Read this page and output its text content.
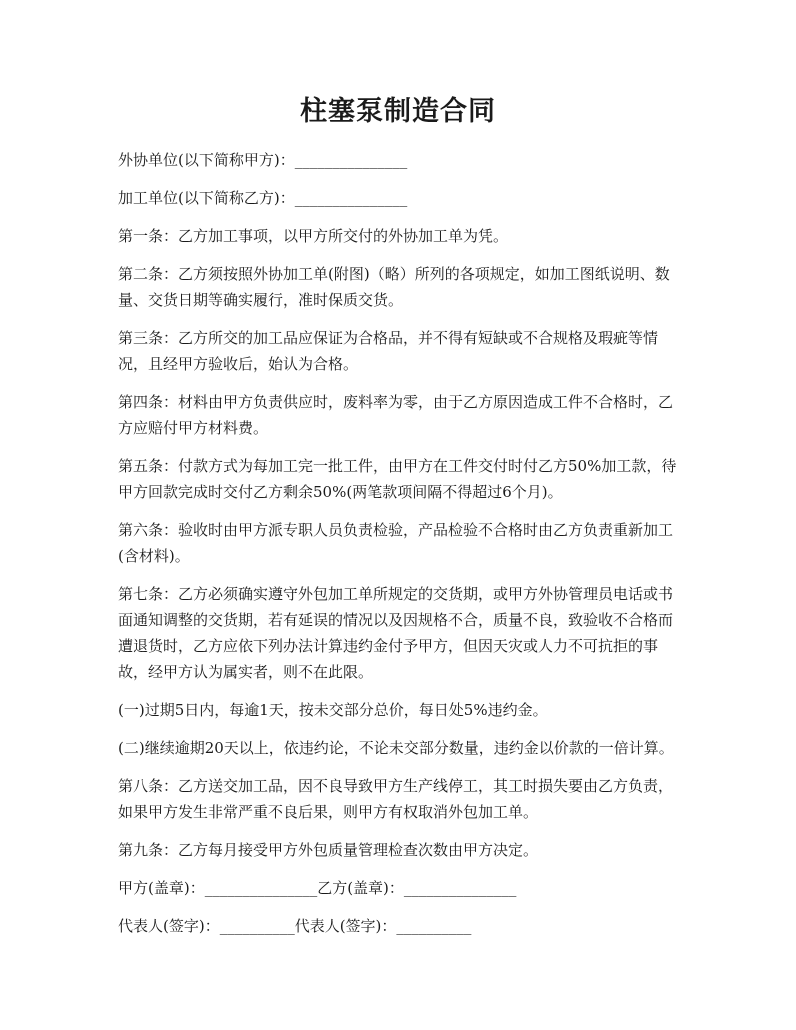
柱塞泵制造合同

外协单位(以下简称甲方)：_______________

加工单位(以下简称乙方)：_______________

第一条：乙方加工事项，以甲方所交付的外协加工单为凭。

第二条：乙方须按照外协加工单(附图)（略）所列的各项规定，如加工图纸说明、数量、交货日期等确实履行，准时保质交货。

第三条：乙方所交的加工品应保证为合格品，并不得有短缺或不合规格及瑕疵等情况，且经甲方验收后，始认为合格。

第四条：材料由甲方负责供应时，废料率为零，由于乙方原因造成工件不合格时，乙方应赔付甲方材料费。

第五条：付款方式为每加工完一批工件，由甲方在工件交付时付乙方50%加工款，待甲方回款完成时交付乙方剩余50%(两笔款项间隔不得超过6个月)。

第六条：验收时由甲方派专职人员负责检验，产品检验不合格时由乙方负责重新加工(含材料)。

第七条：乙方必须确实遵守外包加工单所规定的交货期，或甲方外协管理员电话或书面通知调整的交货期，若有延误的情况以及因规格不合，质量不良，致验收不合格而遭退货时，乙方应依下列办法计算违约金付予甲方，但因天灾或人力不可抗拒的事故，经甲方认为属实者，则不在此限。

(一)过期5日内，每逾1天，按未交部分总价，每日处5%违约金。

(二)继续逾期20天以上，依违约论，不论未交部分数量，违约金以价款的一倍计算。

第八条：乙方送交加工品，因不良导致甲方生产线停工，其工时损失要由乙方负责，如果甲方发生非常严重不良后果，则甲方有权取消外包加工单。

第九条：乙方每月接受甲方外包质量管理检查次数由甲方决定。

甲方(盖章)：_______________乙方(盖章)：_______________

代表人(签字)：__________代表人(签字)：__________
